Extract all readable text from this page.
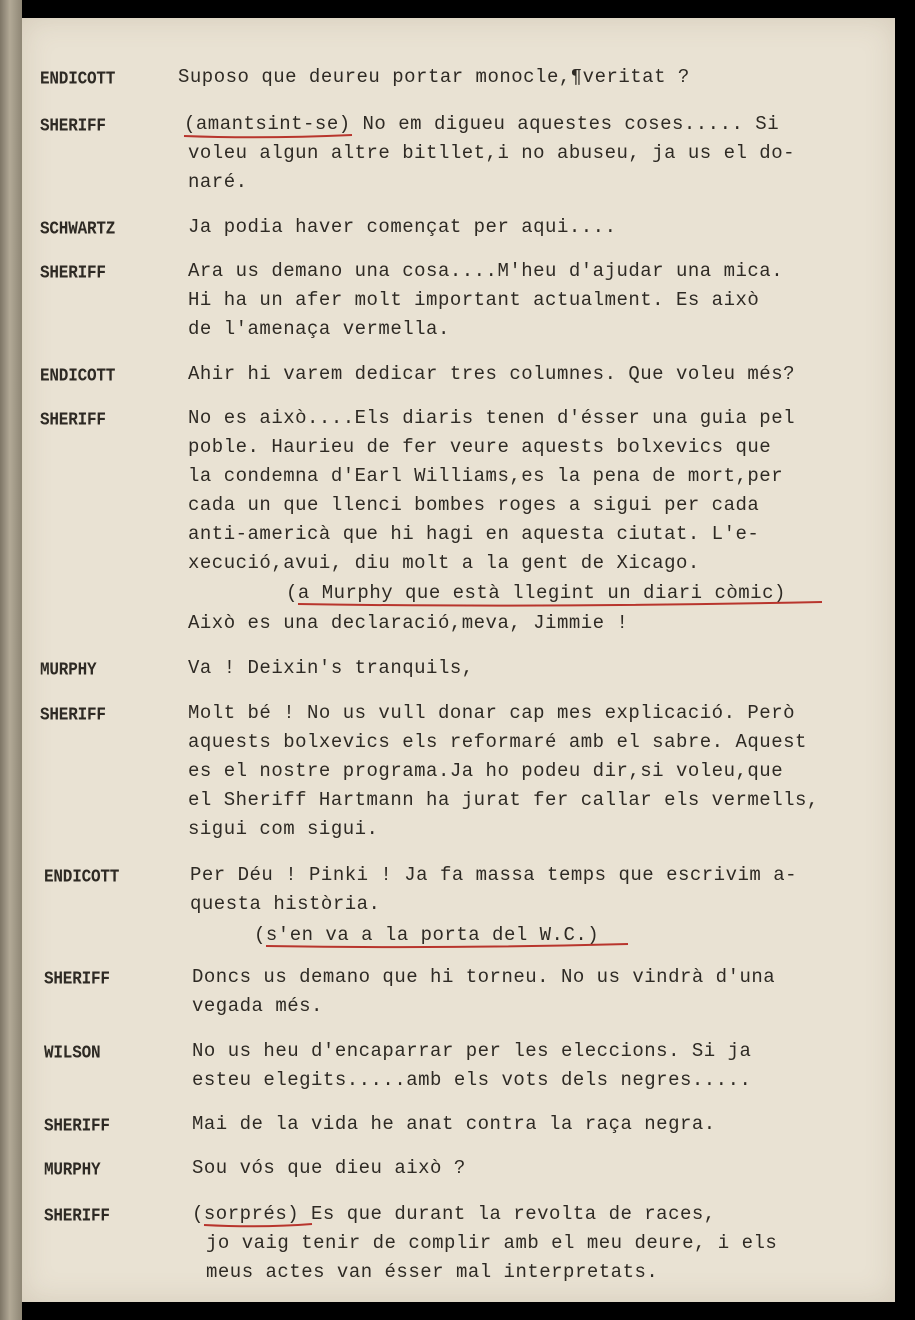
ENDICOTT
SHERIFF
SCHWARTZ
SHERIFF
ENDICOTT
SHERIFF
MURPHY
SHERIFF
ENDICOTT
SHERIFF
WILSON
SHERIFF
MURPHY
SHERIFF
Suposo que deureu portar monocle,¶veritat ?
(amantsint-se) No em digueu aquestes coses..... Si
voleu algun altre bitllet,i no abuseu, ja us el do-
naré.
Ja podia haver començat per aqui....
Ara us demano una cosa....M'heu d'ajudar una mica.
Hi ha un afer molt important actualment. Es això
de l'amenaça vermella.
Ahir hi varem dedicar tres columnes. Que voleu més?
No es això....Els diaris tenen d'ésser una guia pel
poble. Haurieu de fer veure aquests bolxevics que
la condemna d'Earl Williams,es la pena de mort,per
cada un que llenci bombes roges a sigui per cada
anti-americà que hi hagi en aquesta ciutat. L'e-
xecució,avui, diu molt a la gent de Xicago.
(a Murphy que està llegint un diari còmic)
Això es una declaració,meva, Jimmie !
Va ! Deixin's tranquils,
Molt bé ! No us vull donar cap mes explicació. Però
aquests bolxevics els reformaré amb el sabre. Aquest
es el nostre programa.Ja ho podeu dir,si voleu,que
el Sheriff Hartmann ha jurat fer callar els vermells,
sigui com sigui.
Per Déu ! Pinki ! Ja fa massa temps que escrivim a-
questa història.
(s'en va a la porta del W.C.)
Doncs us demano que hi torneu. No us vindrà d'una
vegada més.
No us heu d'encaparrar per les eleccions. Si ja
esteu elegits.....amb els vots dels negres.....
Mai de la vida he anat contra la raça negra.
Sou vós que dieu això ?
(sorprés) Es que durant la revolta de races,
jo vaig tenir de complir amb el meu deure, i els
meus actes van ésser mal interpretats.
